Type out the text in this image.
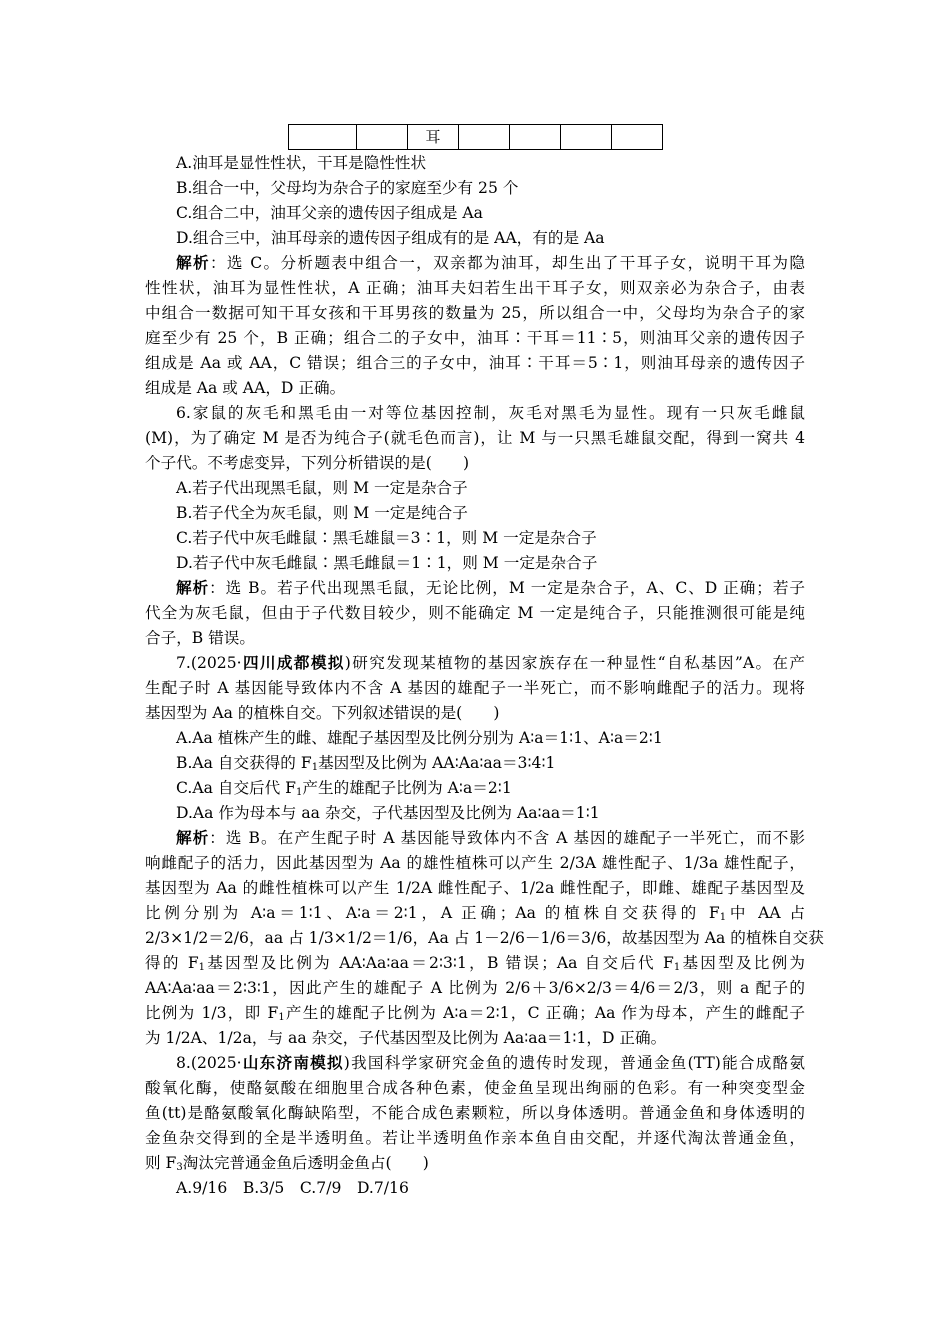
		耳				

A.油耳是显性性状，干耳是隐性性状

B.组合一中，父母均为杂合子的家庭至少有 25 个

C.组合二中，油耳父亲的遗传因子组成是 Aa

D.组合三中，油耳母亲的遗传因子组成有的是 AA，有的是 Aa

解析：选 C。分析题表中组合一，双亲都为油耳，却生出了干耳子女，说明干耳为隐

性性状，油耳为显性性状，A 正确；油耳夫妇若生出干耳子女，则双亲必为杂合子，由表

中组合一数据可知干耳女孩和干耳男孩的数量为 25，所以组合一中，父母均为杂合子的家

庭至少有 25 个，B 正确；组合二的子女中，油耳∶干耳＝11∶5，则油耳父亲的遗传因子

组成是 Aa 或 AA，C 错误；组合三的子女中，油耳∶干耳＝5∶1，则油耳母亲的遗传因子

组成是 Aa 或 AA，D 正确。

6.家鼠的灰毛和黑毛由一对等位基因控制，灰毛对黑毛为显性。现有一只灰毛雌鼠

(M)，为了确定 M 是否为纯合子(就毛色而言)，让 M 与一只黑毛雄鼠交配，得到一窝共 4

个子代。不考虑变异，下列分析错误的是(　　)

A.若子代出现黑毛鼠，则 M 一定是杂合子

B.若子代全为灰毛鼠，则 M 一定是纯合子

C.若子代中灰毛雌鼠∶黑毛雄鼠＝3∶1，则 M 一定是杂合子

D.若子代中灰毛雌鼠∶黑毛雌鼠＝1∶1，则 M 一定是杂合子

解析：选 B。若子代出现黑毛鼠，无论比例，M 一定是杂合子，A、C、D 正确；若子

代全为灰毛鼠，但由于子代数目较少，则不能确定 M 一定是纯合子，只能推测很可能是纯

合子，B 错误。

7.(2025·四川成都模拟)研究发现某植物的基因家族存在一种显性“自私基因”A。在产

生配子时 A 基因能导致体内不含 A 基因的雄配子一半死亡，而不影响雌配子的活力。现将

基因型为 Aa 的植株自交。下列叙述错误的是(　　)

A.Aa 植株产生的雌、雄配子基因型及比例分别为 A∶a＝1∶1、A∶a＝2∶1

B.Aa 自交获得的 $F_1$基因型及比例为 AA∶Aa∶aa＝3∶4∶1

C.Aa 自交后代 $F_1$产生的雄配子比例为 A∶a＝2∶1

D.Aa 作为母本与 aa 杂交，子代基因型及比例为 Aa∶aa＝1∶1

解析：选 B。在产生配子时 A 基因能导致体内不含 A 基因的雄配子一半死亡，而不影

响雌配子的活力，因此基因型为 Aa 的雄性植株可以产生 2/3A 雄性配子、1/3a 雄性配子，

基因型为 Aa 的雌性植株可以产生 1/2A 雌性配子、1/2a 雌性配子，即雌、雄配子基因型及

比例分别为 A∶a＝1∶1、A∶a＝2∶1，A 正确；Aa 的植株自交获得的 $F_1$中 AA 占

2/3×1/2＝2/6，aa 占 1/3×1/2＝1/6，Aa 占 1－2/6－1/6＝3/6，故基因型为 Aa 的植株自交获

得的 $F_1$基因型及比例为 AA∶Aa∶aa＝2∶3∶1，B 错误；Aa 自交后代 $F_1$基因型及比例为

AA∶Aa∶aa＝2∶3∶1，因此产生的雄配子 A 比例为 2/6＋3/6×2/3＝4/6＝2/3，则 a 配子的

比例为 1/3，即 $F_1$产生的雄配子比例为 A∶a＝2∶1，C 正确；Aa 作为母本，产生的雌配子

为 1/2A、1/2a，与 aa 杂交，子代基因型及比例为 Aa∶aa＝1∶1，D 正确。

8.(2025·山东济南模拟)我国科学家研究金鱼的遗传时发现，普通金鱼(TT)能合成酪氨

酸氧化酶，使酪氨酸在细胞里合成各种色素，使金鱼呈现出绚丽的色彩。有一种突变型金

鱼(tt)是酪氨酸氧化酶缺陷型，不能合成色素颗粒，所以身体透明。普通金鱼和身体透明的

金鱼杂交得到的全是半透明鱼。若让半透明鱼作亲本鱼自由交配，并逐代淘汰普通金鱼，

则 $F_3$淘汰完普通金鱼后透明金鱼占(　　)

A.9/16　B.3/5　C.7/9　D.7/16
